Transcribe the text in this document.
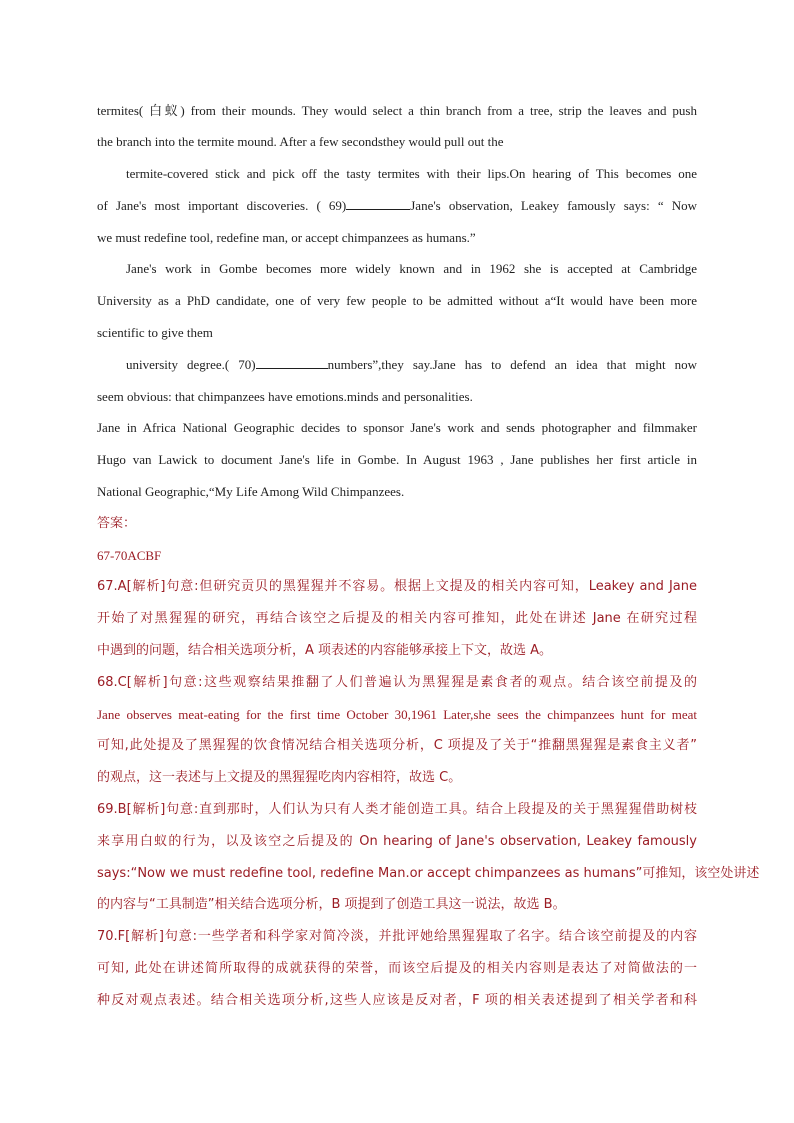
termites( 白蚁) from their mounds. They would select a thin branch from a tree, strip the leaves and push
the branch into the termite mound. After a few secondsthey would pull out the
termite-covered stick and pick off the tasty termites with their lips.On hearing of This becomes one
of Jane's most important discoveries. ( 69)	Jane's observation, Leakey famously says: “ Now
we must redefine tool, redefine man, or accept chimpanzees as humans.”
Jane's work in Gombe becomes more widely known and in 1962 she is accepted at Cambridge
University as a PhD candidate, one of very few people to be admitted without a“It would have been more
scientific to give them
university degree.( 70)	numbers”,they say.Jane has to defend an idea that might now
seem obvious: that chimpanzees have emotions.minds and personalities.
Jane in Africa National Geographic decides to sponsor Jane's work and sends photographer and filmmaker
Hugo van Lawick to document Jane's life in Gombe. In August 1963 , Jane publishes her first article in
National Geographic,“My Life Among Wild Chimpanzees.
答案：
67-70ACBF
67.A[解析]句意:但研究贡贝的黑猩猩并不容易。根据上文提及的相关内容可知，Leakey and Jane
开始了对黑猩猩的研究，再结合该空之后提及的相关内容可推知，此处在讲述 Jane 在研究过程
中遇到的问题，结合相关选项分析，A 项表述的内容能够承接上下文，故选 A。
68.C[解析]句意:这些观察结果推翻了人们普遍认为黑猩猩是素食者的观点。结合该空前提及的
Jane observes meat-eating for the first time October 30,1961 Later,she sees the chimpanzees hunt for meat
可知,此处提及了黑猩猩的饮食情况结合相关选项分析，C 项提及了关于“推翻黑猩猩是素食主义者”
的观点，这一表述与上文提及的黑猩猩吃肉内容相符，故选 C。
69.B[解析]句意:直到那时，人们认为只有人类才能创造工具。结合上段提及的关于黑猩猩借助树枝
来享用白蚁的行为，以及该空之后提及的 On hearing of Jane's observation, Leakey famously
says:“Now we must redefine tool, redefine Man.or accept chimpanzees as humans”可推知，该空处讲述
的内容与“工具制造”相关结合选项分析，B 项提到了创造工具这一说法，故选 B。
70.F[解析]句意:一些学者和科学家对简冷淡，并批评她给黑猩猩取了名字。结合该空前提及的内容
可知, 此处在讲述简所取得的成就获得的荣誉，而该空后提及的相关内容则是表达了对简做法的一
种反对观点表述。结合相关选项分析,这些人应该是反对者，F 项的相关表述提到了相关学者和科
